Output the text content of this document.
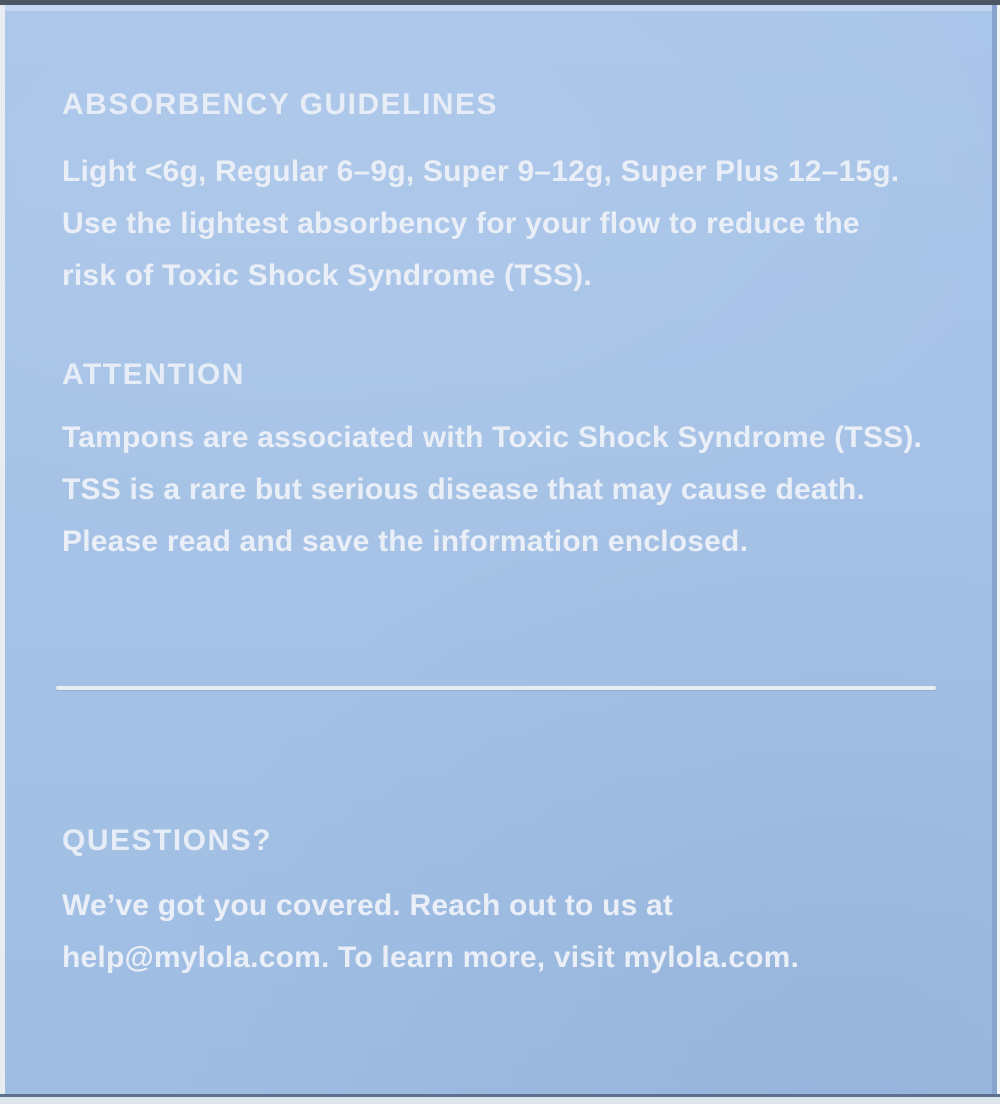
ABSORBENCY GUIDELINES
Light <6g, Regular 6–9g, Super 9–12g, Super Plus 12–15g.
Use the lightest absorbency for your flow to reduce the
risk of Toxic Shock Syndrome (TSS).
ATTENTION
Tampons are associated with Toxic Shock Syndrome (TSS).
TSS is a rare but serious disease that may cause death.
Please read and save the information enclosed.
QUESTIONS?
We’ve got you covered. Reach out to us at
help@mylola.com. To learn more, visit mylola.com.
